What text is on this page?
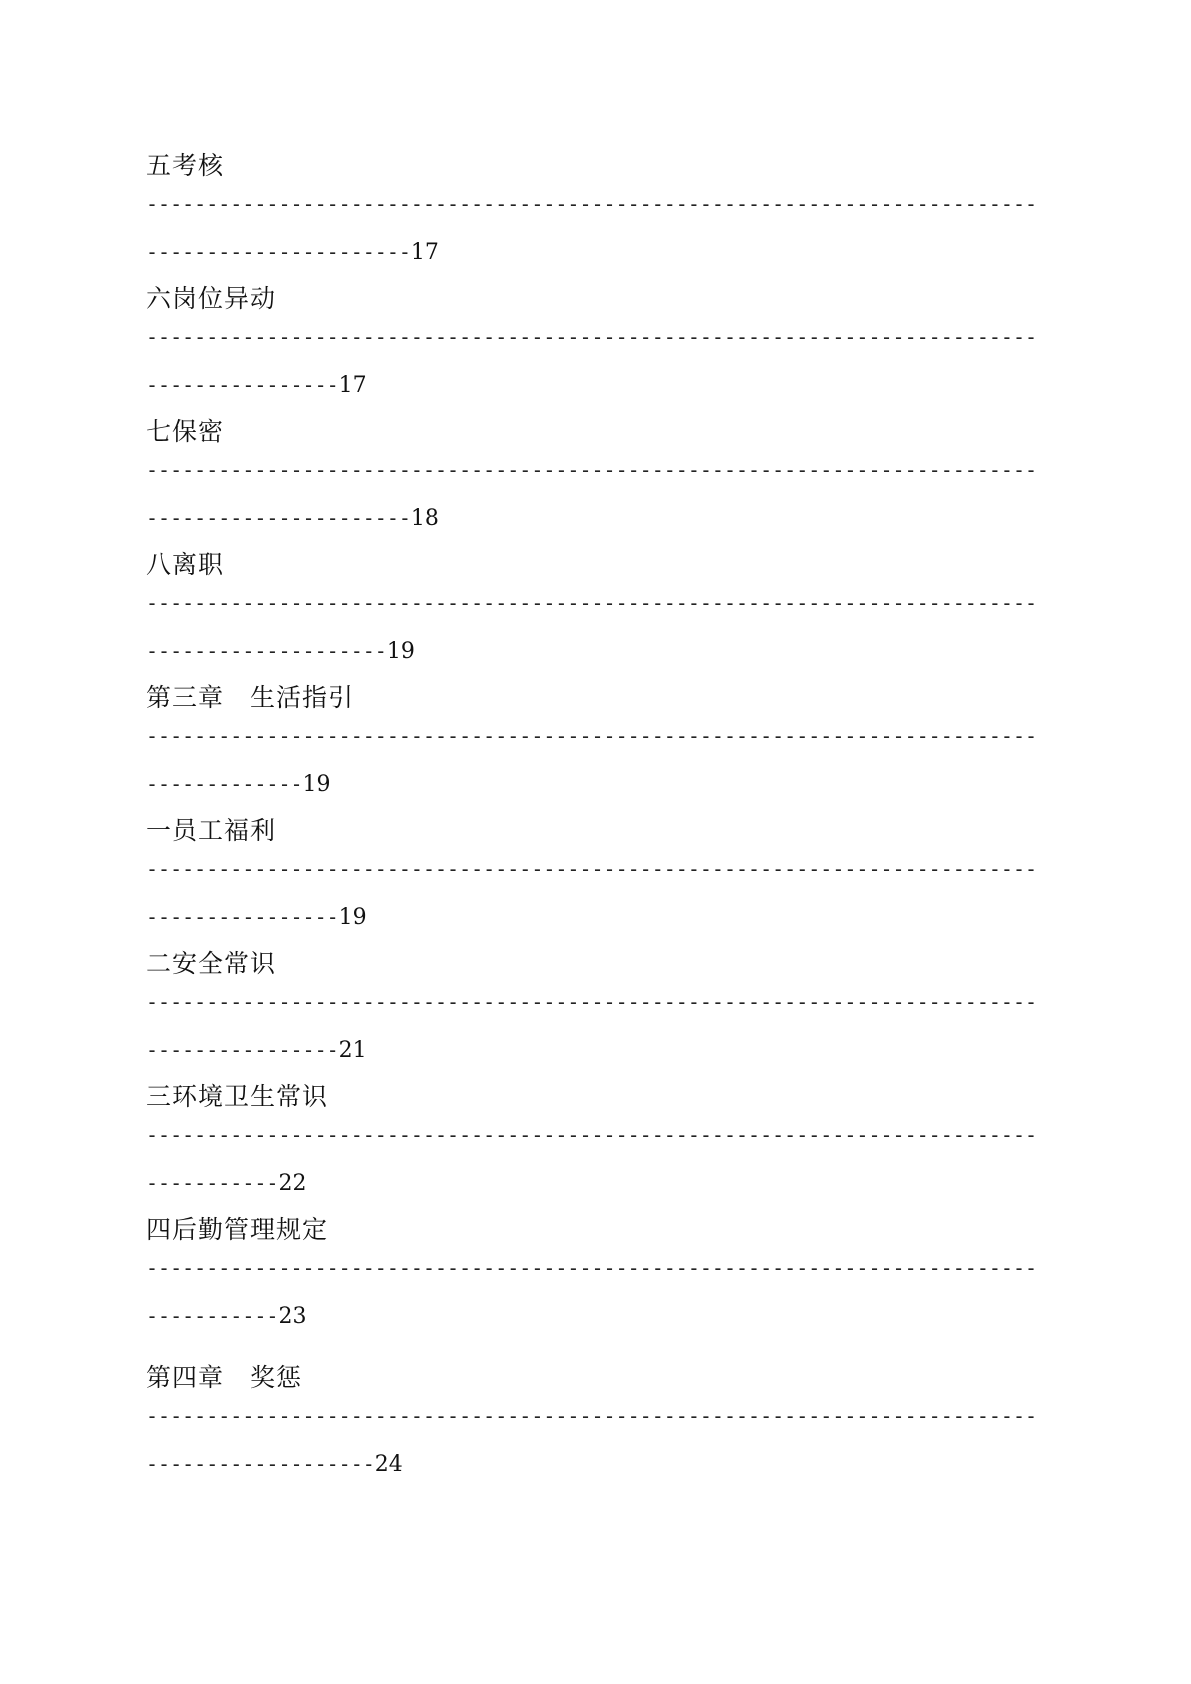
五考核
--------------------------------------------------------------------------
---------------------- 17
六岗位异动
--------------------------------------------------------------------------
---------------- 17
七保密
--------------------------------------------------------------------------
---------------------- 18
八离职
--------------------------------------------------------------------------
-------------------- 19
第三章　生活指引
--------------------------------------------------------------------------
------------- 19
一员工福利
--------------------------------------------------------------------------
---------------- 19
二安全常识
--------------------------------------------------------------------------
---------------- 21
三环境卫生常识
--------------------------------------------------------------------------
----------- 22
四后勤管理规定
--------------------------------------------------------------------------
----------- 23
第四章　奖惩
--------------------------------------------------------------------------
------------------- 24
